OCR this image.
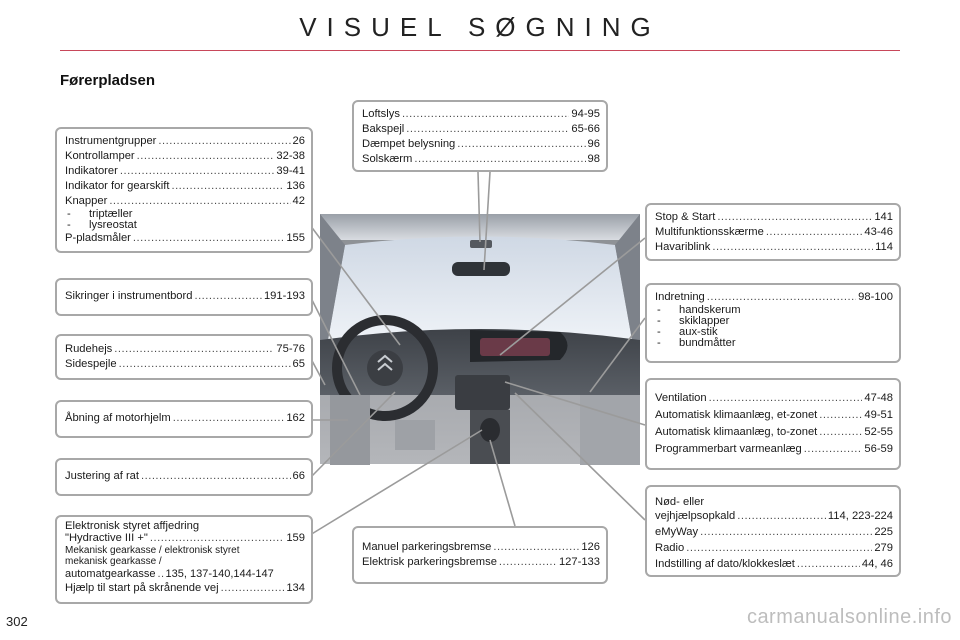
VISUEL SØGNING
Førerpladsen
Instrumentgrupper .....	26
Kontrollamper .....	32-38
Indikatorer .....	39-41
Indikator for gearskift .....	136
Knapper .....	42
- triptæller
- lysreostat
P-pladsmåler .....	155
Sikringer i instrumentbord .....	191-193
Rudehejs .....	75-76
Sidespejle .....	65
Åbning af motorhjelm .....	162
Justering af rat .....	66
Elektronisk styret affjedring
"Hydractive III +" .....	159
Mekanisk gearkasse / elektronisk styret
mekanisk gearkasse /
automatgearkasse ..... 135, 137-140,144-147
Hjælp til start på skrånende vej .....	134
Loftslys .....	94-95
Bakspejl .....	65-66
Dæmpet belysning .....	96
Solskærm .....	98
Manuel parkeringsbremse .....	126
Elektrisk parkeringsbremse .....	127-133
Stop & Start .....	141
Multifunktionsskærme .....	43-46
Havariblink .....	114
Indretning .....	98-100
- handskerum
- skiklapper
- aux-stik
- bundmåtter
Ventilation .....	47-48
Automatisk klimaanlæg, et-zonet .....	49-51
Automatisk klimaanlæg, to-zonet .....	52-55
Programmerbart varmeanlæg .....	56-59
Nød- eller
vejhjælpsopkald .....	114, 223-224
eMyWay .....	225
Radio .....	279
Indstilling af dato/klokkeslæt .....	44, 46
302	carmanualsonline.info
